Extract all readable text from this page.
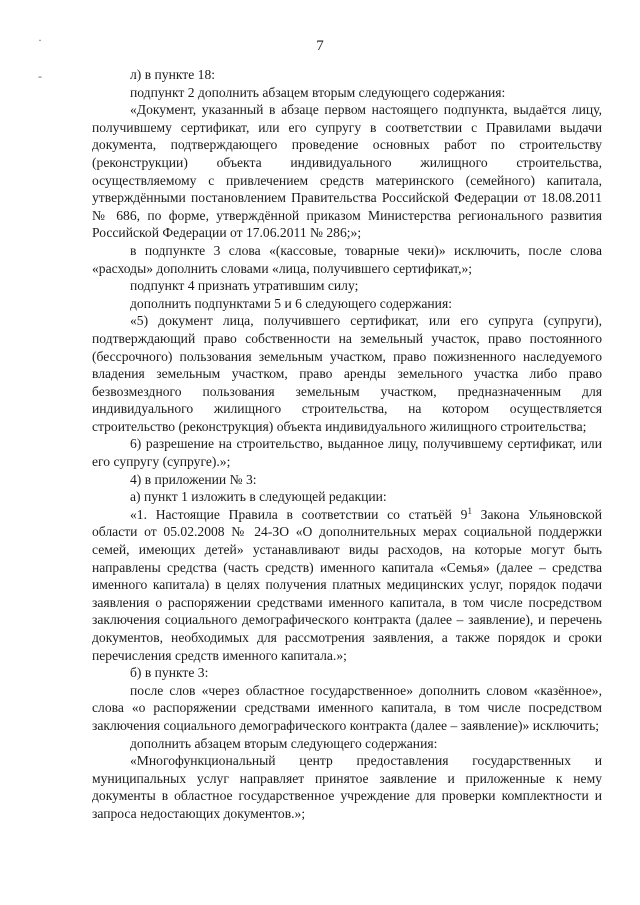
·
-
7

л) в пункте 18:

подпункт 2 дополнить абзацем вторым следующего содержания:

«Документ, указанный в абзаце первом настоящего подпункта, выдаётся лицу, получившему сертификат, или его супругу в соответствии с Правилами выдачи документа, подтверждающего проведение основных работ по строительству (реконструкции) объекта индивидуального жилищного строительства, осуществляемому с привлечением средств материнского (семейного) капитала, утверждёнными постановлением Правительства Российской Федерации от 18.08.2011 № 686, по форме, утверждённой приказом Министерства регионального развития Российской Федерации от 17.06.2011 № 286;»;

в подпункте 3 слова «(кассовые, товарные чеки)» исключить, после слова «расходы» дополнить словами «лица, получившего сертификат,»;

подпункт 4 признать утратившим силу;

дополнить подпунктами 5 и 6 следующего содержания:

«5) документ лица, получившего сертификат, или его супруга (супруги), подтверждающий право собственности на земельный участок, право постоянного (бессрочного) пользования земельным участком, право пожизненного наследуемого владения земельным участком, право аренды земельного участка либо право безвозмездного пользования земельным участком, предназначенным для индивидуального жилищного строительства, на котором осуществляется строительство (реконструкция) объекта индивидуального жилищного строительства;

6) разрешение на строительство, выданное лицу, получившему сертификат, или его супругу (супруге).»;

4) в приложении № 3:

а) пункт 1 изложить в следующей редакции:

«1. Настоящие Правила в соответствии со статьёй $9^1$ Закона Ульяновской области от 05.02.2008 № 24-ЗО «О дополнительных мерах социальной поддержки семей, имеющих детей» устанавливают виды расходов, на которые могут быть направлены средства (часть средств) именного капитала «Семья» (далее – средства именного капитала) в целях получения платных медицинских услуг, порядок подачи заявления о распоряжении средствами именного капитала, в том числе посредством заключения социального демографического контракта (далее – заявление), и перечень документов, необходимых для рассмотрения заявления, а также порядок и сроки перечисления средств именного капитала.»;

б) в пункте 3:

после слов «через областное государственное» дополнить словом «казённое», слова «о распоряжении средствами именного капитала, в том числе посредством заключения социального демографического контракта (далее – заявление)» исключить;

дополнить абзацем вторым следующего содержания:

«Многофункциональный центр предоставления государственных и муниципальных услуг направляет принятое заявление и приложенные к нему документы в областное государственное учреждение для проверки комплектности и запроса недостающих документов.»;
